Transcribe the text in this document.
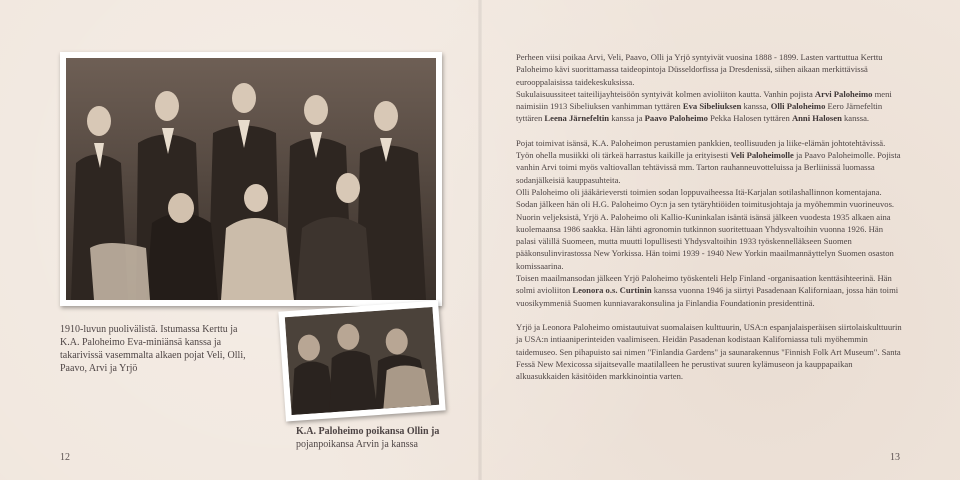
1910-luvun puolivälistä. Istumassa Kerttu ja K.A. Paloheimo Eva-miniänsä kanssa ja takarivissä vasemmalta alkaen pojat Veli, Olli, Paavo, Arvi ja Yrjö
K.A. Paloheimo poikansa Ollin ja
pojanpoikansa Arvin ja kanssa
12	13

Perheen viisi poikaa Arvi, Veli, Paavo, Olli ja Yrjö syntyivät vuosina 1888 - 1899. Lasten varttuttua Kerttu Paloheimo kävi suorittamassa taideopintoja Düsseldorfissa ja Dresdenissä, siihen aikaan merkittävissä eurooppalaisissa taidekeskuksissa.

Sukulaisuussiteet taiteilijayhteisöön syntyivät kolmen avioliiton kautta. Vanhin pojista Arvi Paloheimo meni naimisiin 1913 Sibeliuksen vanhimman tyttären Eva Sibeliuksen kanssa, Olli Paloheimo Eero Järnefeltin tyttären Leena Järnefeltin kanssa ja Paavo Paloheimo Pekka Halosen tyttären Anni Halosen kanssa.

Pojat toimivat isänsä, K.A. Paloheimon perustamien pankkien, teollisuuden ja liike-elämän johtotehtävissä. Työn ohella musiikki oli tärkeä harrastus kaikille ja erityisesti Veli Paloheimolle ja Paavo Paloheimolle. Pojista vanhin Arvi toimi myös valtiovallan tehtävissä mm. Tarton rauhanneuvotteluissa ja Berliinissä luomassa sodanjälkeisiä kauppasuhteita.

Olli Paloheimo oli jääkärieversti toimien sodan loppuvaiheessa Itä-Karjalan sotilashallinnon komentajana. Sodan jälkeen hän oli H.G. Paloheimo Oy:n ja sen tytäryhtiöiden toimitusjohtaja ja myöhemmin vuorineuvos.

Nuorin veljeksistä, Yrjö A. Paloheimo oli Kallio-Kuninkalan isäntä isänsä jälkeen vuodesta 1935 alkaen aina kuolemaansa 1986 saakka. Hän lähti agronomin tutkinnon suoritettuaan Yhdysvaltoihin vuonna 1926. Hän palasi välillä Suomeen, mutta muutti lopullisesti Yhdysvaltoihin 1933 työskennelläkseen Suomen pääkonsulinvirastossa New Yorkissa. Hän toimi 1939 - 1940 New Yorkin maailmannäyttelyn Suomen osaston komissaarina.

Toisen maailmansodan jälkeen Yrjö Paloheimo työskenteli Help Finland -organisaation kenttäsihteerinä. Hän solmi avioliiton Leonora o.s. Curtinin kanssa vuonna 1946 ja siirtyi Pasadenaan Kaliforniaan, jossa hän toimi vuosikymmeniä Suomen kunniavarakonsulina ja Finlandia Foundationin presidenttinä.

Yrjö ja Leonora Paloheimo omistautuivat suomalaisen kulttuurin, USA:n espanjalaisperäisen siirtolaiskulttuurin ja USA:n intiaaniperinteiden vaalimiseen. Heidän Pasadenan kodistaan Kaliforniassa tuli myöhemmin taidemuseo. Sen pihapuisto sai nimen "Finlandia Gardens" ja saunarakennus "Finnish Folk Art Museum". Santa Fessä New Mexicossa sijaitsevalle maatilalleen he perustivat suuren kylämuseon ja kauppapaikan alkuasukkaiden käsitöiden markkinointia varten.
